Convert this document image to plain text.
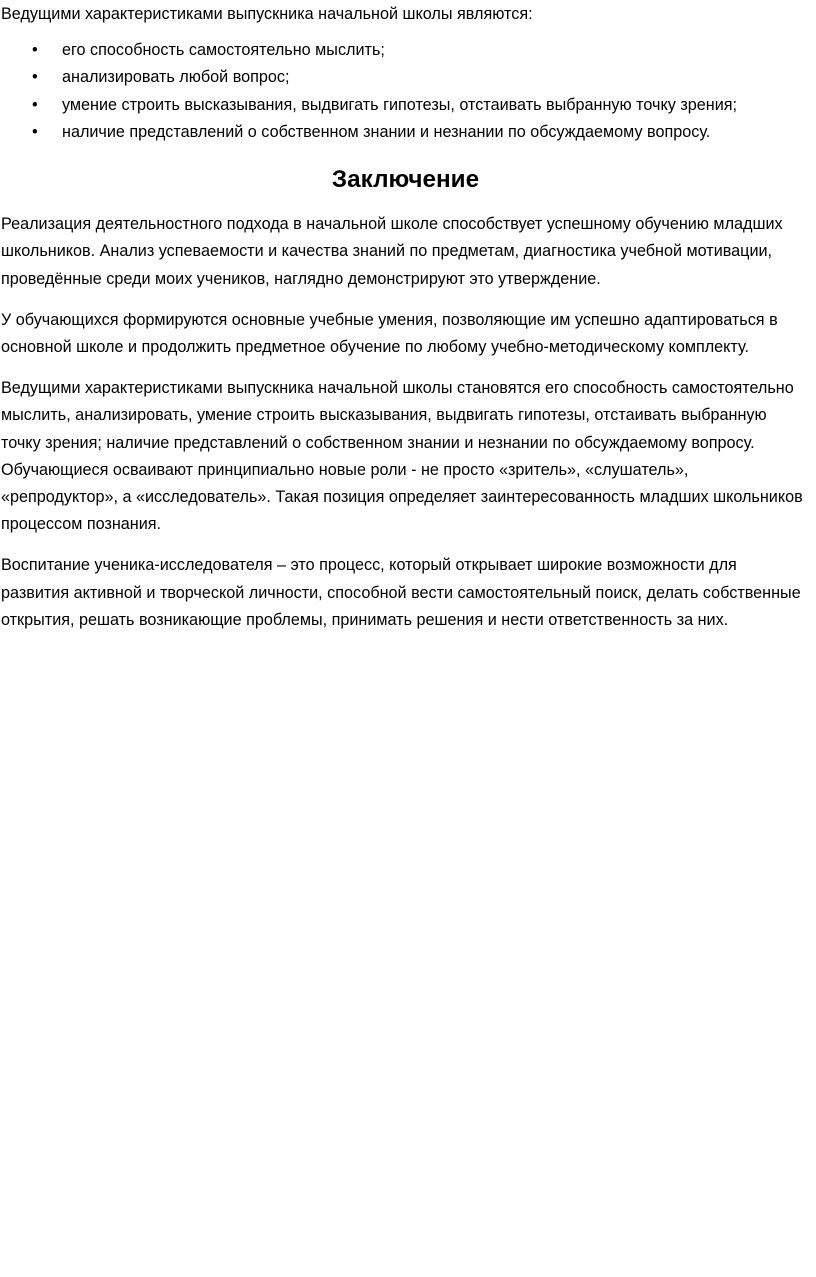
Ведущими характеристиками выпускника начальной школы являются:

• его способность самостоятельно мыслить;
• анализировать любой вопрос;
• умение строить высказывания, выдвигать гипотезы, отстаивать выбранную точку зрения;
• наличие представлений о собственном знании и незнании по обсуждаемому вопросу.
Заключение

Реализация деятельностного подхода в начальной школе способствует успешному обучению младших школьников. Анализ успеваемости и качества знаний по предметам, диагностика учебной мотивации, проведённые среди моих учеников, наглядно демонстрируют это утверждение.

У обучающихся формируются основные учебные умения, позволяющие им успешно адаптироваться в основной школе и продолжить предметное обучение по любому учебно-методическому комплекту.

Ведущими характеристиками выпускника начальной школы становятся его способность самостоятельно мыслить, анализировать, умение строить высказывания, выдвигать гипотезы, отстаивать выбранную точку зрения; наличие представлений о собственном знании и незнании по обсуждаемому вопросу. Обучающиеся осваивают принципиально новые роли - не просто «зритель», «слушатель», «репродуктор», а «исследователь». Такая позиция определяет заинтересованность младших школьников процессом познания.

Воспитание ученика-исследователя – это процесс, который открывает широкие возможности для развития активной и творческой личности, способной вести самостоятельный поиск, делать собственные открытия, решать возникающие проблемы, принимать решения и нести ответственность за них.
